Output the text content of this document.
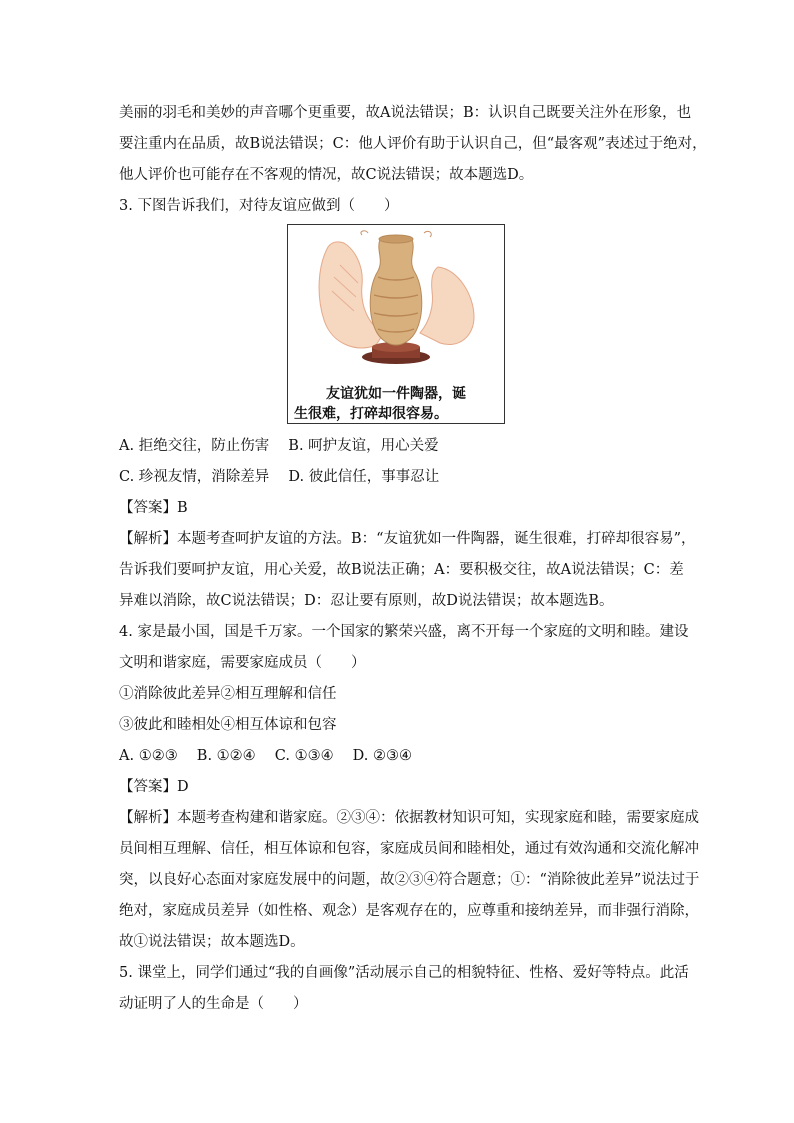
美丽的羽毛和美妙的声音哪个更重要，故A说法错误；B：认识自己既要关注外在形象，也
要注重内在品质，故B说法错误；C：他人评价有助于认识自己，但“最客观”表述过于绝对，
他人评价也可能存在不客观的情况，故C说法错误；故本题选D。
3. 下图告诉我们，对待友谊应做到（　　）
友谊犹如一件陶器，诞
生很难，打碎却很容易。
A. 拒绝交往，防止伤害　 B. 呵护友谊，用心关爱
C. 珍视友情，消除差异　 D. 彼此信任，事事忍让
【答案】B
【解析】本题考查呵护友谊的方法。B：“友谊犹如一件陶器，诞生很难，打碎却很容易”，
告诉我们要呵护友谊，用心关爱，故B说法正确；A：要积极交往，故A说法错误；C：差
异难以消除，故C说法错误；D：忍让要有原则，故D说法错误；故本题选B。
4. 家是最小国，国是千万家。一个国家的繁荣兴盛，离不开每一个家庭的文明和睦。建设
文明和谐家庭，需要家庭成员（　　）
①消除彼此差异②相互理解和信任
③彼此和睦相处④相互体谅和包容
A. ①②③　 B. ①②④　 C. ①③④　 D. ②③④
【答案】D
【解析】本题考查构建和谐家庭。②③④：依据教材知识可知，实现家庭和睦，需要家庭成
员间相互理解、信任，相互体谅和包容，家庭成员间和睦相处，通过有效沟通和交流化解冲
突，以良好心态面对家庭发展中的问题，故②③④符合题意；①：“消除彼此差异”说法过于
绝对，家庭成员差异（如性格、观念）是客观存在的，应尊重和接纳差异，而非强行消除，
故①说法错误；故本题选D。
5. 课堂上，同学们通过“我的自画像”活动展示自己的相貌特征、性格、爱好等特点。此活
动证明了人的生命是（　　）
